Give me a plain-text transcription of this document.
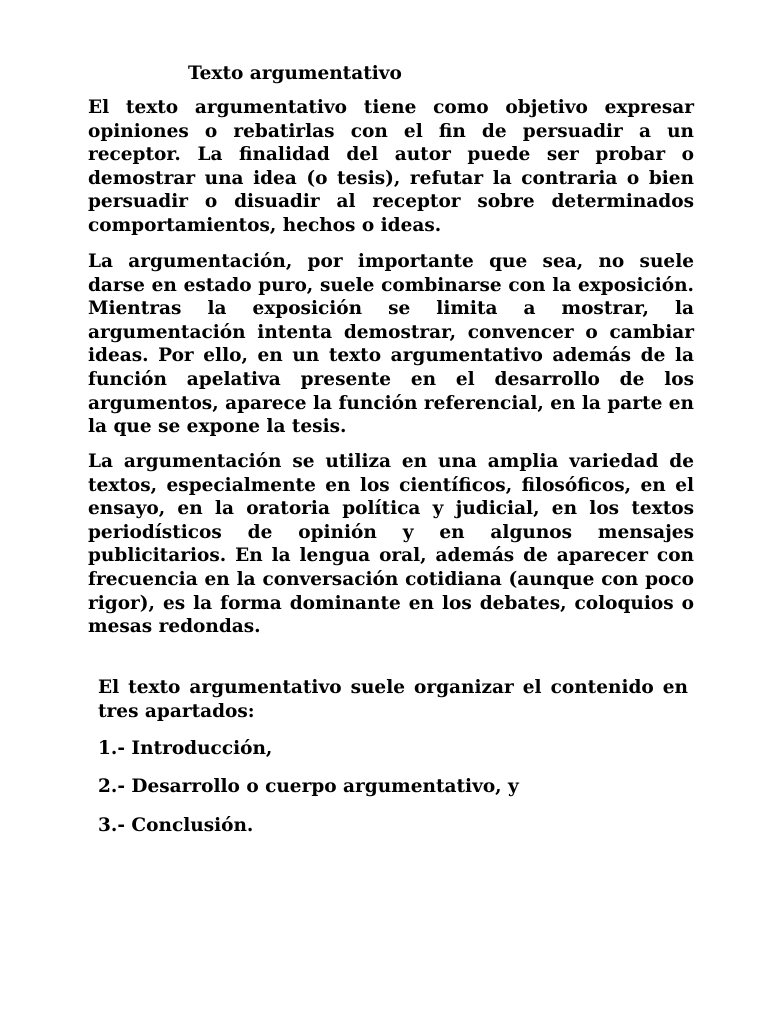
Texto argumentativo

El texto argumentativo tiene como objetivo expresar opiniones o rebatirlas con el fin de persuadir a un receptor. La finalidad del autor puede ser probar o demostrar una idea (o tesis), refutar la contraria o bien persuadir o disuadir al receptor sobre determinados comportamientos, hechos o ideas.

La argumentación, por importante que sea, no suele darse en estado puro, suele combinarse con la exposición. Mientras la exposición se limita a mostrar, la argumentación intenta demostrar, convencer o cambiar ideas. Por ello, en un texto argumentativo además de la función apelativa presente en el desarrollo de los argumentos, aparece la función referencial, en la parte en la que se expone la tesis.

La argumentación se utiliza en una amplia variedad de textos, especialmente en los científicos, filosóficos, en el ensayo, en la oratoria política y judicial, en los textos periodísticos de opinión y en algunos mensajes publicitarios. En la lengua oral, además de aparecer con frecuencia en la conversación cotidiana (aunque con poco rigor), es la forma dominante en los debates, coloquios o mesas redondas.

El texto argumentativo suele organizar el contenido en tres apartados:

1.- Introducción,

2.- Desarrollo o cuerpo argumentativo, y

3.- Conclusión.
